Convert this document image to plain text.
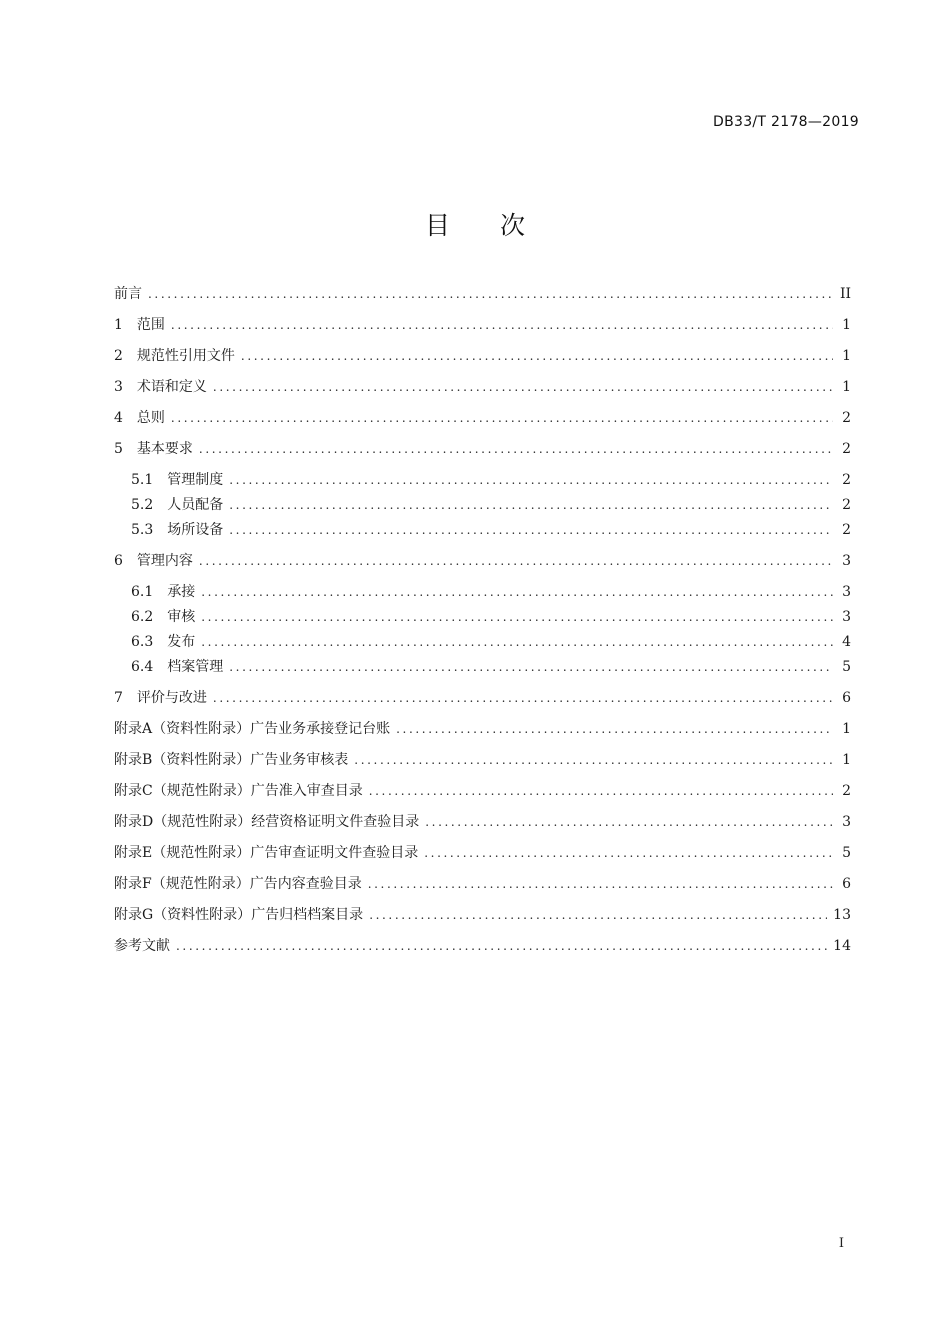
DB33/T 2178—2019
目次
前言 .....	II
1 范围 .....	1
2 规范性引用文件 .....	1
3 术语和定义 .....	1
4 总则 .....	2
5 基本要求 .....	2
5.1 管理制度 .....	2
5.2 人员配备 .....	2
5.3 场所设备 .....	2
6 管理内容 .....	3
6.1 承接 .....	3
6.2 审核 .....	3
6.3 发布 .....	4
6.4 档案管理 .....	5
7 评价与改进 .....	6
附录A（资料性附录） 广告业务承接登记台账 .....	1
附录B（资料性附录） 广告业务审核表 .....	1
附录C（规范性附录） 广告准入审查目录 .....	2
附录D（规范性附录） 经营资格证明文件查验目录 .....	3
附录E（规范性附录） 广告审查证明文件查验目录 .....	5
附录F（规范性附录） 广告内容查验目录 .....	6
附录G（资料性附录） 广告归档档案目录 .....	13
参考文献 .....	14
I
